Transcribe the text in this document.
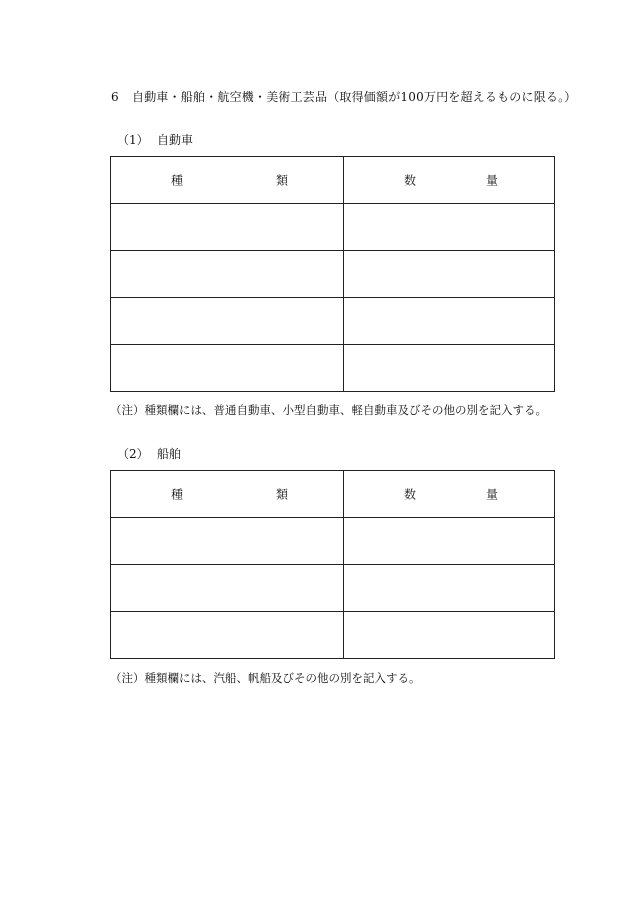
6 自動車・船舶・航空機・美術工芸品（取得価額が100万円を超えるものに限る。）
（1） 自動車
種 類	数 量

（注）種類欄には、普通自動車、小型自動車、軽自動車及びその他の別を記入する。
（2） 船舶
種 類	数 量

（注）種類欄には、汽船、帆船及びその他の別を記入する。
